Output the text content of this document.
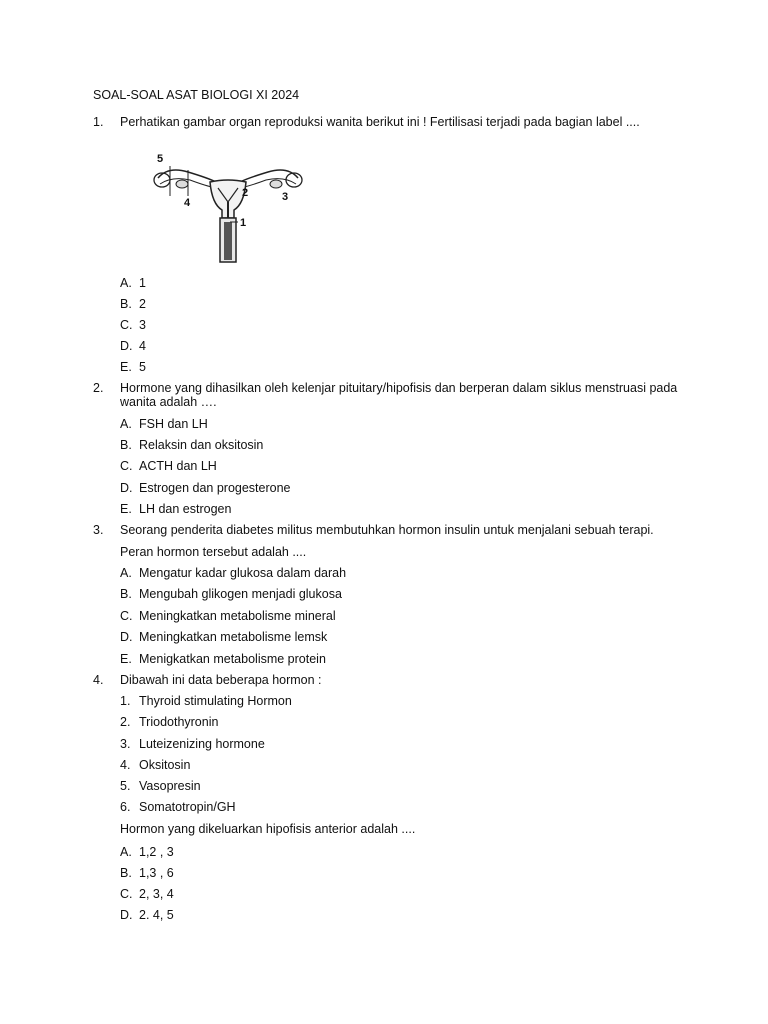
SOAL-SOAL ASAT BIOLOGI XI 2024
1. Perhatikan gambar organ reproduksi wanita berikut ini ! Fertilisasi terjadi pada bagian label ....
5
4
2	3
1
A. 1
B. 2
C. 3
D. 4
E. 5
2. Hormone yang dihasilkan oleh kelenjar pituitary/hipofisis dan berperan dalam siklus menstruasi pada wanita adalah ….
A. FSH dan LH
B. Relaksin dan oksitosin
C. ACTH dan LH
D. Estrogen dan progesterone
E. LH dan estrogen
3. Seorang penderita diabetes militus membutuhkan hormon insulin untuk menjalani sebuah terapi.
Peran hormon tersebut adalah ....
A. Mengatur kadar glukosa dalam darah
B. Mengubah glikogen menjadi glukosa
C. Meningkatkan metabolisme mineral
D. Meningkatkan metabolisme lemsk
E. Menigkatkan metabolisme protein
4. Dibawah ini data beberapa hormon :
1. Thyroid stimulating Hormon
2. Triodothyronin
3. Luteizenizing hormone
4. Oksitosin
5. Vasopresin
6. Somatotropin/GH
Hormon yang dikeluarkan hipofisis anterior adalah ....
A. 1,2 , 3
B. 1,3 , 6
C. 2, 3, 4
D. 2. 4, 5
